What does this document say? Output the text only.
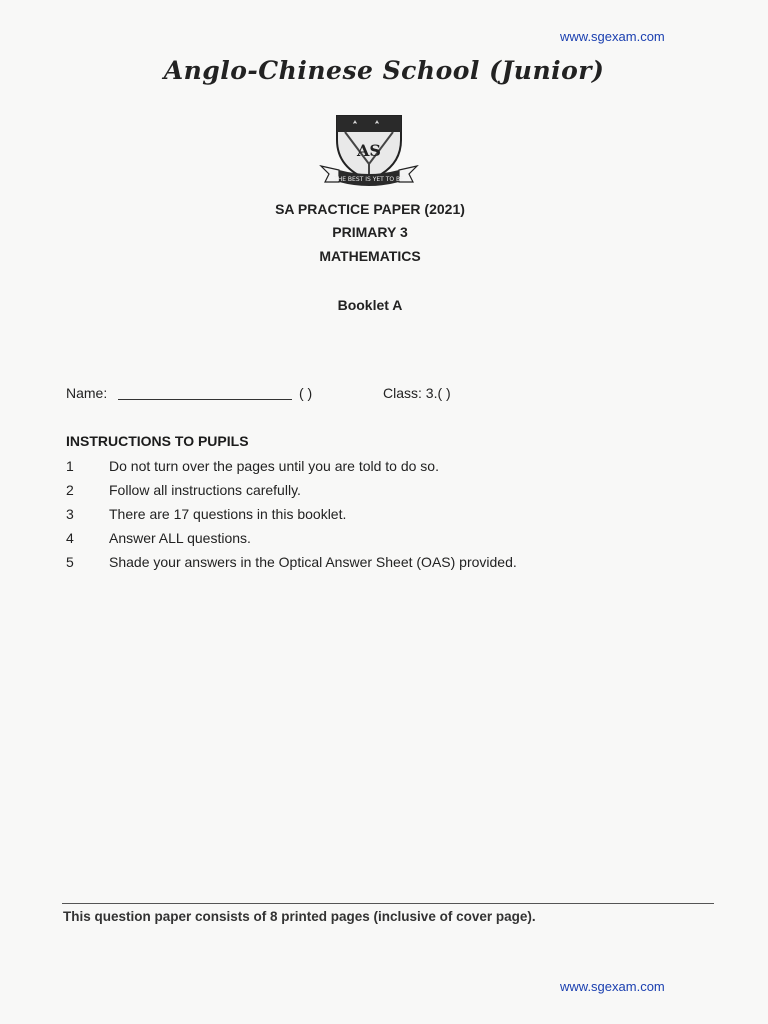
www.sgexam.com
Anglo-Chinese School (Junior)
AS
THE BEST IS YET TO BE
SA PRACTICE PAPER (2021)
PRIMARY 3
MATHEMATICS
Booklet A
Name:	( )	Class: 3.( )
INSTRUCTIONS TO PUPILS
1	Do not turn over the pages until you are told to do so.
2	Follow all instructions carefully.
3	There are 17 questions in this booklet.
4	Answer ALL questions.
5	Shade your answers in the Optical Answer Sheet (OAS) provided.
This question paper consists of 8 printed pages (inclusive of cover page).
www.sgexam.com
